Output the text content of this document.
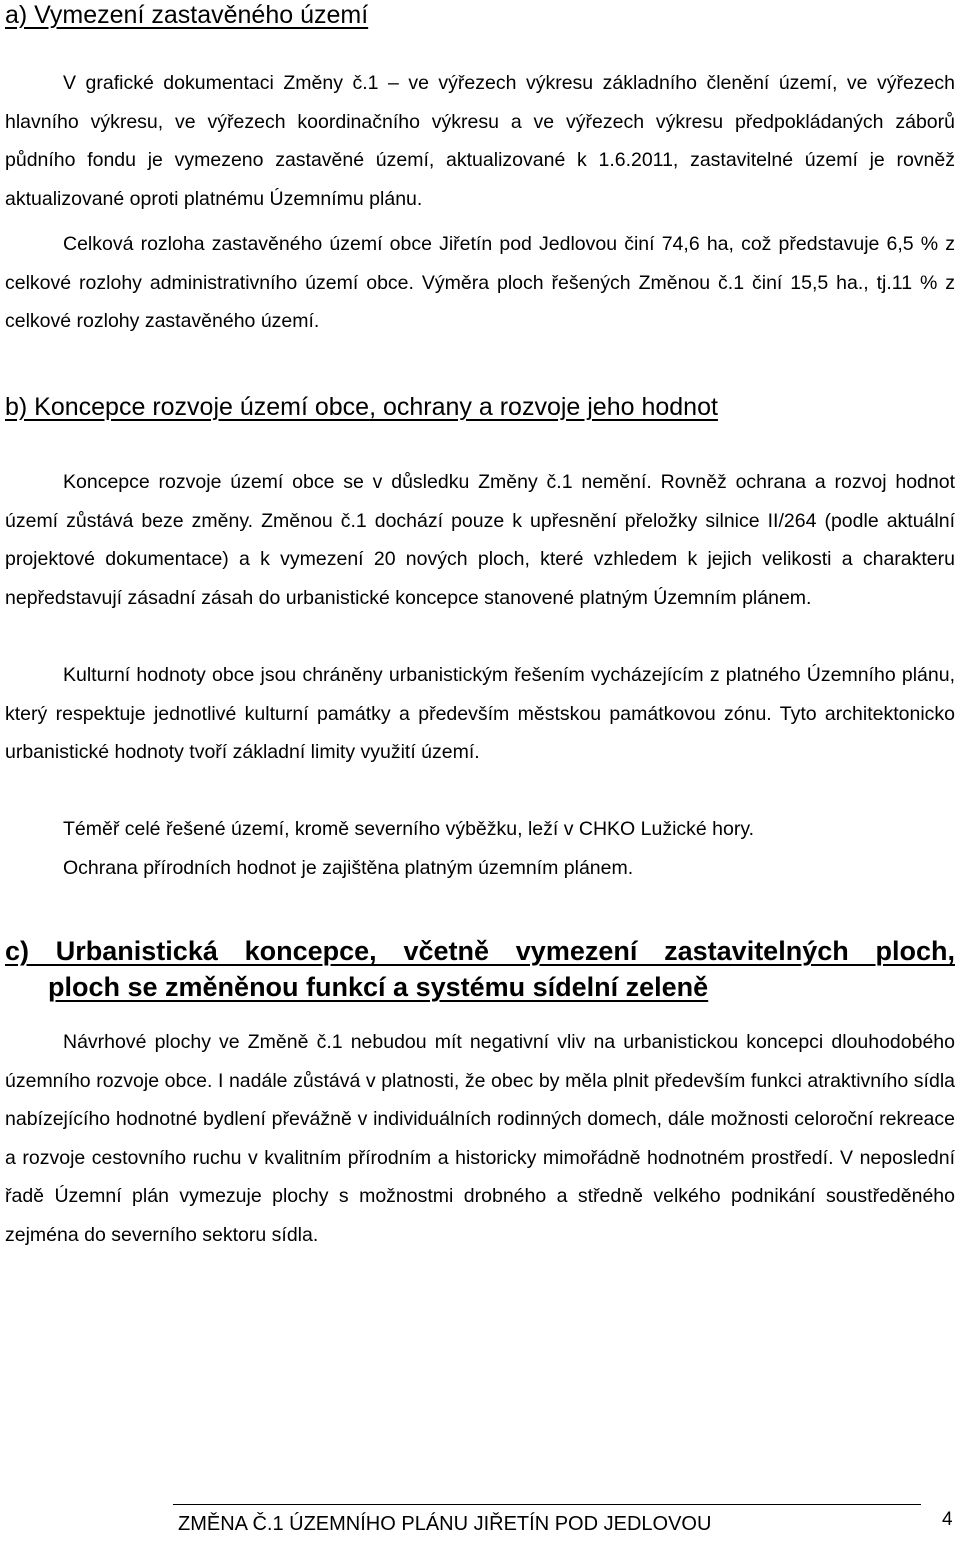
a) Vymezení zastavěného území

V grafické dokumentaci Změny č.1 – ve výřezech výkresu základního členění území, ve výřezech hlavního výkresu, ve výřezech koordinačního výkresu a ve výřezech výkresu předpokládaných záborů půdního fondu je vymezeno zastavěné území, aktualizované k 1.6.2011, zastavitelné území je rovněž aktualizované oproti platnému Územnímu plánu.

Celková rozloha zastavěného území obce Jiřetín pod Jedlovou činí 74,6 ha, což představuje 6,5 % z celkové rozlohy administrativního území obce. Výměra ploch řešených Změnou č.1 činí 15,5 ha., tj.11 % z celkové rozlohy zastavěného území.

b) Koncepce rozvoje území obce, ochrany a rozvoje jeho hodnot

Koncepce rozvoje území obce se v důsledku Změny č.1 nemění. Rovněž ochrana a rozvoj hodnot území zůstává beze změny. Změnou č.1 dochází pouze k upřesnění přeložky silnice II/264 (podle aktuální projektové dokumentace) a k vymezení 20 nových ploch, které vzhledem k jejich velikosti a charakteru nepředstavují zásadní zásah do urbanistické koncepce stanovené platným Územním plánem.

Kulturní hodnoty obce jsou chráněny urbanistickým řešením vycházejícím z platného Územního plánu, který respektuje jednotlivé kulturní památky a především městskou památkovou zónu. Tyto architektonicko urbanistické hodnoty tvoří základní limity využití území.

Téměř celé řešené území, kromě severního výběžku, leží v CHKO Lužické hory.

Ochrana přírodních hodnot je zajištěna platným územním plánem.

c) Urbanistická koncepce, včetně vymezení zastavitelných ploch,
ploch se změněnou funkcí a systému sídelní zeleně

Návrhové plochy ve Změně č.1 nebudou mít negativní vliv na urbanistickou koncepci dlouhodobého územního rozvoje obce. I nadále zůstává v platnosti, že obec by měla plnit především funkci atraktivního sídla nabízejícího hodnotné bydlení převážně v individuálních rodinných domech, dále možnosti celoroční rekreace a rozvoje cestovního ruchu v kvalitním přírodním a historicky mimořádně hodnotném prostředí. V neposlední řadě Územní plán vymezuje plochy s možnostmi drobného a středně velkého podnikání soustředěného zejména do severního sektoru sídla.

ZMĚNA Č.1 ÚZEMNÍHO PLÁNU JIŘETÍN POD JEDLOVOU	4
